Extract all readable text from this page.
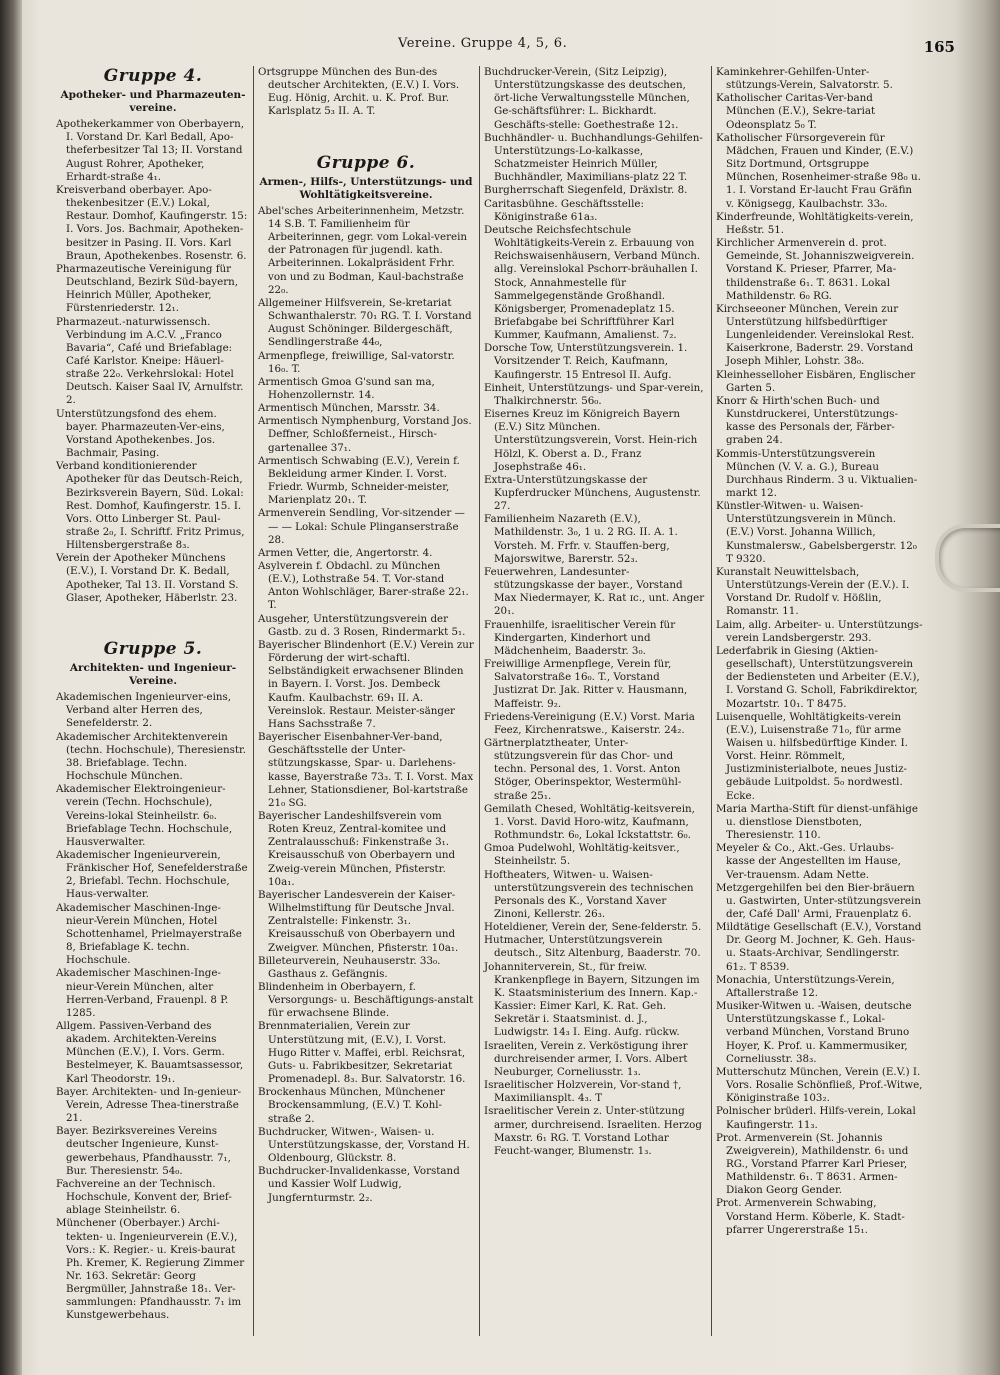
Vereine. Gruppe 4, 5, 6.	165
Gruppe 4.
Apotheker- und Pharmazeuten-vereine.
Apothekerkammer von Oberbayern, I. Vorstand Dr. Karl Bedall, Apo-theferbesitzer Tal 13; II. Vorstand August Rohrer, Apotheker, Erhardt-straße 4₁.
Kreisverband oberbayer. Apo-thekenbesitzer (E.V.) Lokal, Restaur. Domhof, Kaufingerstr. 15: I. Vors. Jos. Bachmair, Apotheken-besitzer in Pasing. II. Vors. Karl Braun, Apothekenbes. Rosenstr. 6.
Pharmazeutische Vereinigung für Deutschland, Bezirk Süd-bayern, Heinrich Müller, Apotheker, Fürstenriederstr. 12₁.
Pharmazeut.-naturwissensch. Verbindung im A.C.V. „Franco Bavaria“, Café und Briefablage: Café Karlstor. Kneipe: Häuerl-straße 22₀. Verkehrslokal: Hotel Deutsch. Kaiser Saal IV, Arnulfstr. 2.
Unterstützungsfond des ehem. bayer. Pharmazeuten-Ver-eins, Vorstand Apothekenbes. Jos. Bachmair, Pasing.
Verband konditionierender Apotheker für das Deutsch-Reich, Bezirksverein Bayern, Süd. Lokal: Rest. Domhof, Kaufingerstr. 15. I. Vors. Otto Linberger St. Paul-straße 2₀, I. Schriftf. Fritz Primus, Hiltensbergerstraße 8₃.
Verein der Apotheker Münchens (E.V.), I. Vorstand Dr. K. Bedall, Apotheker, Tal 13. II. Vorstand S. Glaser, Apotheker, Häberlstr. 23.
Gruppe 5.
Architekten- und Ingenieur-Vereine.
Akademischen Ingenieurver-eins, Verband alter Herren des, Senefelderstr. 2.
Akademischer Architektenverein (techn. Hochschule), Theresienstr. 38. Briefablage. Techn. Hochschule München.
Akademischer Elektroingenieur-verein (Techn. Hochschule), Vereins-lokal Steinheilstr. 6₀. Briefablage Techn. Hochschule, Hausverwalter.
Akademischer Ingenieurverein, Fränkischer Hof, Senefelderstraße 2, Briefabl. Techn. Hochschule, Haus-verwalter.
Akademischer Maschinen-Inge-nieur-Verein München, Hotel Schottenhamel, Prielmayerstraße 8, Briefablage K. techn. Hochschule.
Akademischer Maschinen-Inge-nieur-Verein München, alter Herren-Verband, Frauenpl. 8 P. 1285.
Allgem. Passiven-Verband des akadem. Architekten-Vereins München (E.V.), I. Vors. Germ. Bestelmeyer, K. Bauamtsassessor, Karl Theodorstr. 19₁.
Bayer. Architekten- und In-genieur-Verein, Adresse Thea-tinerstraße 21.
Bayer. Bezirksvereines Vereins deutscher Ingenieure, Kunst-gewerbehaus, Pfandhausstr. 7₁, Bur. Theresienstr. 54₀.
Fachvereine an der Technisch. Hochschule, Konvent der, Brief-ablage Steinheilstr. 6.
Münchener (Oberbayer.) Archi-tekten- u. Ingenieurverein (E.V.), Vors.: K. Regier.- u. Kreis-baurat Ph. Kremer, K. Regierung Zimmer Nr. 163. Sekretär: Georg Bergmüller, Jahnstraße 18₁. Ver-sammlungen: Pfandhausstr. 7₁ im Kunstgewerbehaus.
Ortsgruppe München des Bun-des deutscher Architekten, (E.V.) I. Vors. Eug. Hönig, Archit. u. K. Prof. Bur. Karlsplatz 5₃ II. A. T.
Gruppe 6.
Armen-, Hilfs-, Unterstützungs- und Wohltätigkeitsvereine.
Abel'sches Arbeiterinnenheim, Metzstr. 14 S.B. T. Familienheim für Arbeiterinnen, gegr. vom Lokal-verein der Patronagen für jugendl. kath. Arbeiterinnen. Lokalpräsident Frhr. von und zu Bodman, Kaul-bachstraße 22₀.
Allgemeiner Hilfsverein, Se-kretariat Schwanthalerstr. 70₁ RG. T. I. Vorstand August Schöninger. Bildergeschäft, Sendlingerstraße 44₀,
Armenpflege, freiwillige, Sal-vatorstr. 16₀. T.
Armentisch Gmoa G'sund san ma, Hohenzollernstr. 14.
Armentisch München, Marsstr. 34.
Armentisch Nymphenburg, Vorstand Jos. Deffner, Schloßferneist., Hirsch-gartenallee 37₁.
Armentisch Schwabing (E.V.), Verein f. Bekleidung armer Kinder. I. Vorst. Friedr. Wurmb, Schneider-meister, Marienplatz 20₁. T.
Armenverein Sendling, Vor-sitzender — — — Lokal: Schule Plinganserstraße 28.
Armen Vetter, die, Angertorstr. 4.
Asylverein f. Obdachl. zu München (E.V.), Lothstraße 54. T. Vor-stand Anton Wohlschläger, Barer-straße 22₁. T.
Ausgeher, Unterstützungsverein der Gastb. zu d. 3 Rosen, Rindermarkt 5₁.
Bayerischer Blindenhort (E.V.) Verein zur Förderung der wirt-schaftl. Selbständigkeit erwachsener Blinden in Bayern. I. Vorst. Jos. Dembeck Kaufm. Kaulbachstr. 69₁ II. A. Vereinslok. Restaur. Meister-sänger Hans Sachsstraße 7.
Bayerischer Eisenbahner-Ver-band, Geschäftsstelle der Unter-stützungskasse, Spar- u. Darlehens-kasse, Bayerstraße 73₃. T. I. Vorst. Max Lehner, Stationsdiener, Bol-kartstraße 21₀ SG.
Bayerischer Landeshilfsverein vom Roten Kreuz, Zentral-komitee und Zentralausschuß: Finkenstraße 3₁. Kreisausschuß von Oberbayern und Zweig-verein München, Pfisterstr. 10a₁.
Bayerischer Landesverein der Kaiser-Wilhelmstiftung für Deutsche Jnval. Zentralstelle: Finkenstr. 3₁. Kreisausschuß von Oberbayern und Zweigver. München, Pfisterstr. 10a₁.
Billeteurverein, Neuhauserstr. 33₀. Gasthaus z. Gefängnis.
Blindenheim in Oberbayern, f. Versorgungs- u. Beschäftigungs-anstalt für erwachsene Blinde.
Brennmaterialien, Verein zur Unterstützung mit, (E.V.), I. Vorst. Hugo Ritter v. Maffei, erbl. Reichsrat, Guts- u. Fabrikbesitzer, Sekretariat Promenadepl. 8₃. Bur. Salvatorstr. 16.
Brockenhaus München, Münchener Brockensammlung, (E.V.) T. Kohl-straße 2.
Buchdrucker, Witwen-, Waisen- u. Unterstützungskasse, der, Vorstand H. Oldenbourg, Glückstr. 8.
Buchdrucker-Invalidenkasse, Vorstand und Kassier Wolf Ludwig, Jungfernturmstr. 2₂.
Buchdrucker-Verein, (Sitz Leipzig), Unterstützungskasse des deutschen, ört-liche Verwaltungsstelle München, Ge-schäftsführer: L. Bickhardt. Geschäfts-stelle: Goethestraße 12₁.
Buchhändler- u. Buchhandlungs-Gehilfen-Unterstützungs-Lo-kalkasse, Schatzmeister Heinrich Müller, Buchhändler, Maximilians-platz 22 T.
Burgherrschaft Siegenfeld, Dräxlstr. 8.
Caritasbühne. Geschäftsstelle: Königinstraße 61a₃.
Deutsche Reichsfechtschule Wohltätigkeits-Verein z. Erbauung von Reichswaisenhäusern, Verband Münch. allg. Vereinslokal Pschorr-bräuhallen I. Stock, Annahmestelle für Sammelgegenstände Großhandl. Königsberger, Promenadeplatz 15. Briefabgabe bei Schriftführer Karl Kummer, Kaufmann, Amalienst. 7₂.
Dorsche Tow, Unterstützungsverein. 1. Vorsitzender T. Reich, Kaufmann, Kaufingerstr. 15 Entresol II. Aufg.
Einheit, Unterstützungs- und Spar-verein, Thalkirchnerstr. 56₀.
Eisernes Kreuz im Königreich Bayern (E.V.) Sitz München. Unterstützungsverein, Vorst. Hein-rich Hölzl, K. Oberst a. D., Franz Josephstraße 46₁.
Extra-Unterstützungskasse der Kupferdrucker Münchens, Augustenstr. 27.
Familienheim Nazareth (E.V.), Mathildenstr. 3₀, 1 u. 2 RG. II. A. 1. Vorsteh. M. Frfr. v. Stauffen-berg, Majorswitwe, Barerstr. 52₃.
Feuerwehren, Landesunter-stützungskasse der bayer., Vorstand Max Niedermayer, K. Rat ɪc., unt. Anger 20₁.
Frauenhilfe, israelitischer Verein für Kindergarten, Kinderhort und Mädchenheim, Baaderstr. 3₀.
Freiwillige Armenpflege, Verein für, Salvatorstraße 16₀. T., Vorstand Justizrat Dr. Jak. Ritter v. Hausmann, Maffeistr. 9₂.
Friedens-Vereinigung (E.V.) Vorst. Maria Feez, Kirchenratswe., Kaiserstr. 24₂.
Gärtnerplatztheater, Unter-stützungsverein für das Chor- und techn. Personal des, 1. Vorst. Anton Stöger, Oberinspektor, Westermühl-straße 25₁.
Gemilath Chesed, Wohltätig-keitsverein, 1. Vorst. David Horo-witz, Kaufmann, Rothmundstr. 6₀, Lokal Ickstattstr. 6₀.
Gmoa Pudelwohl, Wohltätig-keitsver., Steinheilstr. 5.
Hoftheaters, Witwen- u. Waisen-unterstützungsverein des technischen Personals des K., Vorstand Xaver Zinoni, Kellerstr. 26₃.
Hoteldiener, Verein der, Sene-felderstr. 5.
Hutmacher, Unterstützungsverein deutsch., Sitz Altenburg, Baaderstr. 70.
Johanniterverein, St., für freiw. Krankenpflege in Bayern, Sitzungen im K. Staatsministerium des Innern. Kap.-Kassier: Eimer Karl, K. Rat. Geh. Sekretär i. Staatsminist. d. J., Ludwigstr. 14₃ I. Eing. Aufg. rückw.
Israeliten, Verein z. Verköstigung ihrer durchreisender armer, I. Vors. Albert Neuburger, Corneliusstr. 1₃.
Israelitischer Holzverein, Vor-stand †, Maximiliansplt. 4₃. T
Israelitischer Verein z. Unter-stützung armer, durchreisend. Israeliten. Herzog Maxstr. 6₁ RG. T. Vorstand Lothar Feucht-wanger, Blumenstr. 1₃.
Kaminkehrer-Gehilfen-Unter-stützungs-Verein, Salvatorstr. 5.
Katholischer Caritas-Ver-band München (E.V.), Sekre-tariat Odeonsplatz 5₀ T.
Katholischer Fürsorgeverein für Mädchen, Frauen und Kinder, (E.V.) Sitz Dortmund, Ortsgruppe München, Rosenheimer-straße 98₀ u. 1. I. Vorstand Er-laucht Frau Gräfin v. Königsegg, Kaulbachstr. 33₀.
Kinderfreunde, Wohltätigkeits-verein, Heßstr. 51.
Kirchlicher Armenverein d. prot. Gemeinde, St. Johanniszweigverein. Vorstand K. Prieser, Pfarrer, Ma-thildenstraße 6₁. T. 8631. Lokal Mathildenstr. 6₀ RG.
Kirchseeoner München, Verein zur Unterstützung hilfsbedürftiger Lungenleidender. Vereinslokal Rest. Kaiserkrone, Baderstr. 29. Vorstand Joseph Mihler, Lohstr. 38₀.
Kleinhesselloher Eisbären, Englischer Garten 5.
Knorr & Hirth'schen Buch- und Kunstdruckerei, Unterstützungs-kasse des Personals der, Färber-graben 24.
Kommis-Unterstützungsverein München (V. V. a. G.), Bureau Durchhaus Rinderm. 3 u. Viktualien-markt 12.
Künstler-Witwen- u. Waisen-Unterstützungsverein in Münch. (E.V.) Vorst. Johanna Willich, Kunstmalersw., Gabelsbergerstr. 12₀ T 9320.
Kuranstalt Neuwittelsbach, Unterstützungs-Verein der (E.V.). I. Vorstand Dr. Rudolf v. Hößlin, Romanstr. 11.
Laim, allg. Arbeiter- u. Unterstützungs-verein Landsbergerstr. 293.
Lederfabrik in Giesing (Aktien-gesellschaft), Unterstützungsverein der Bediensteten und Arbeiter (E.V.), I. Vorstand G. Scholl, Fabrikdirektor, Mozartstr. 10₁. T 8475.
Luisenquelle, Wohltätigkeits-verein (E.V.), Luisenstraße 71₀, für arme Waisen u. hilfsbedürftige Kinder. I. Vorst. Heinr. Römmelt, Justizministerialbote, neues Justiz-gebäude Luitpoldst. 5₀ nordwestl. Ecke.
Maria Martha-Stift für dienst-unfähige u. dienstlose Dienstboten, Theresienstr. 110.
Meyeler & Co., Akt.-Ges. Urlaubs-kasse der Angestellten im Hause, Ver-trauensm. Adam Nette.
Metzgergehilfen bei den Bier-bräuern u. Gastwirten, Unter-stützungsverein der, Café Dall' Armi, Frauenplatz 6.
Mildtätige Gesellschaft (E.V.), Vorstand Dr. Georg M. Jochner, K. Geh. Haus- u. Staats-Archivar, Sendlingerstr. 61₂. T 8539.
Monachia, Unterstützungs-Verein, Aftallerstraße 12.
Musiker-Witwen u. -Waisen, deutsche Unterstützungskasse f., Lokal-verband München, Vorstand Bruno Hoyer, K. Prof. u. Kammermusiker, Corneliusstr. 38₃.
Mutterschutz München, Verein (E.V.) I. Vors. Rosalie Schönfließ, Prof.-Witwe, Königinstraße 103₂.
Polnischer brüderl. Hilfs-verein, Lokal Kaufingerstr. 11₃.
Prot. Armenverein (St. Johannis Zweigverein), Mathildenstr. 6₁ und RG., Vorstand Pfarrer Karl Prieser, Mathildenstr. 6₁. T 8631. Armen-Diakon Georg Gender.
Prot. Armenverein Schwabing, Vorstand Herm. Köberle, K. Stadt-pfarrer Ungererstraße 15₁.
